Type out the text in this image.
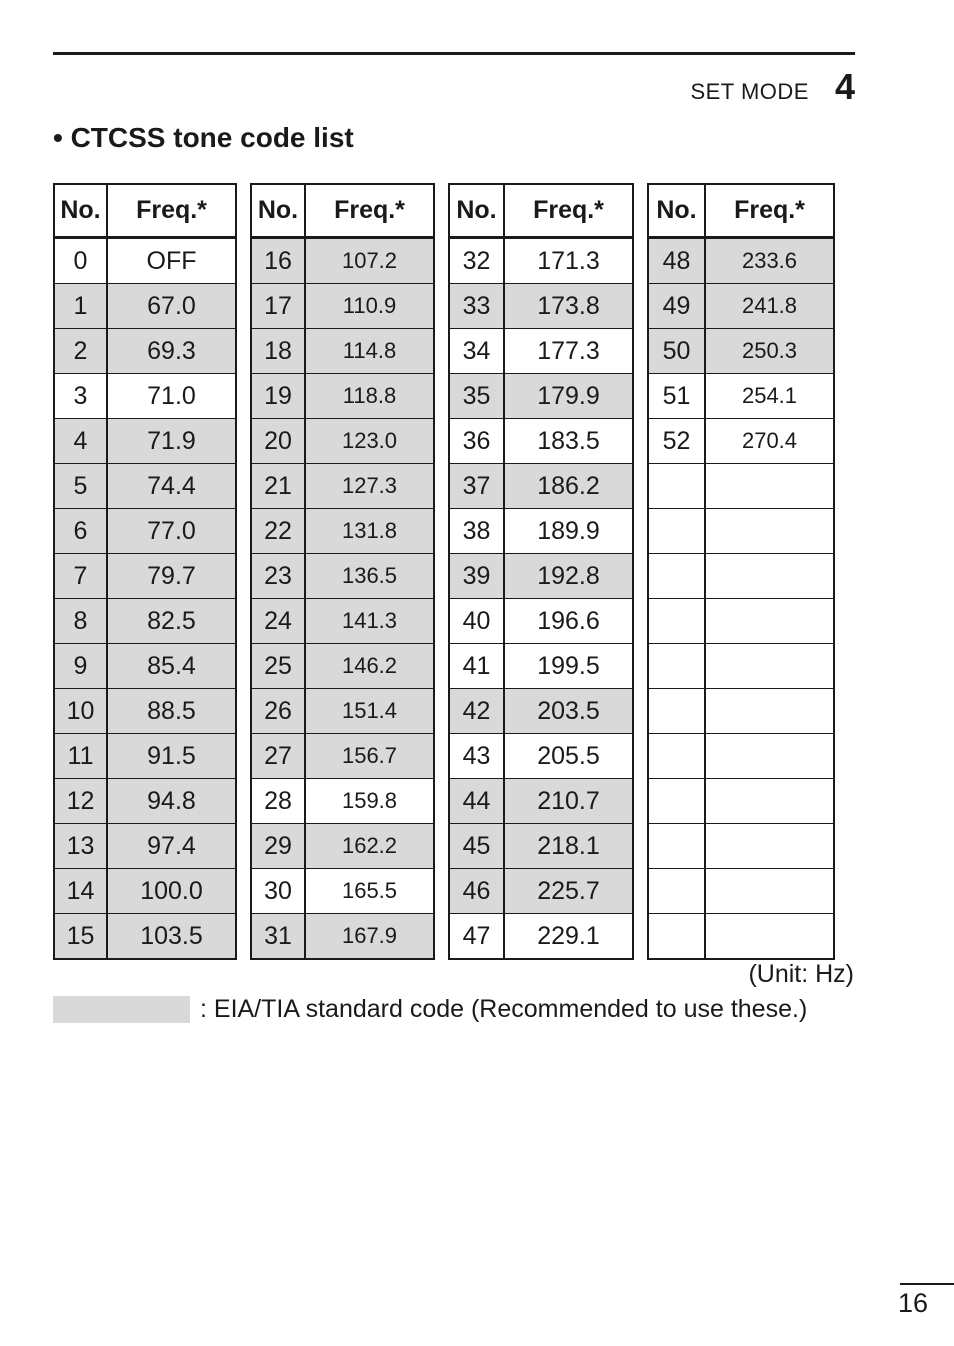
SET MODE 4
• CTCSS tone code list
No.	Freq.*		No.	Freq.*		No.	Freq.*		No.	Freq.*
0	OFF		16	107.2		32	171.3		48	233.6
1	67.0		17	110.9		33	173.8		49	241.8
2	69.3		18	114.8		34	177.3		50	250.3
3	71.0		19	118.8		35	179.9		51	254.1
4	71.9		20	123.0		36	183.5		52	270.4
5	74.4		21	127.3		37	186.2			
6	77.0		22	131.8		38	189.9			
7	79.7		23	136.5		39	192.8			
8	82.5		24	141.3		40	196.6			
9	85.4		25	146.2		41	199.5			
10	88.5		26	151.4		42	203.5			
11	91.5		27	156.7		43	205.5			
12	94.8		28	159.8		44	210.7			
13	97.4		29	162.2		45	218.1			
14	100.0		30	165.5		46	225.7			
15	103.5		31	167.9		47	229.1			
(Unit: Hz)
: EIA/TIA standard code (Recommended to use these.)
16
